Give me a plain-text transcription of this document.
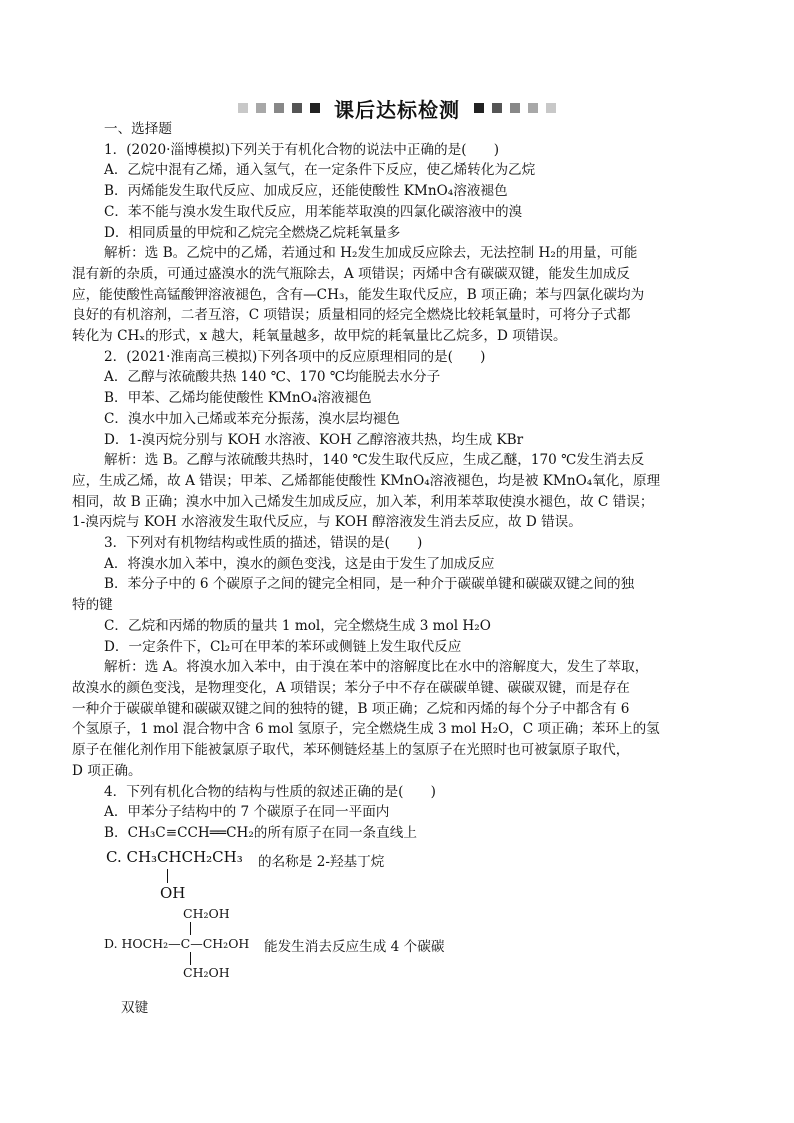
课后达标检测

一、选择题

1．(2020·淄博模拟)下列关于有机化合物的说法中正确的是(　　)

A．乙烷中混有乙烯，通入氢气，在一定条件下反应，使乙烯转化为乙烷

B．丙烯能发生取代反应、加成反应，还能使酸性 KMnO₄溶液褪色

C．苯不能与溴水发生取代反应，用苯能萃取溴的四氯化碳溶液中的溴

D．相同质量的甲烷和乙烷完全燃烧乙烷耗氧量多

解析：选 B。乙烷中的乙烯，若通过和 H₂发生加成反应除去，无法控制 H₂的用量，可能

混有新的杂质，可通过盛溴水的洗气瓶除去，A 项错误；丙烯中含有碳碳双键，能发生加成反

应，能使酸性高锰酸钾溶液褪色，含有—CH₃，能发生取代反应，B 项正确；苯与四氯化碳均为

良好的有机溶剂，二者互溶，C 项错误；质量相同的烃完全燃烧比较耗氧量时，可将分子式都

转化为 CHₓ的形式，x 越大，耗氧量越多，故甲烷的耗氧量比乙烷多，D 项错误。

2．(2021·淮南高三模拟)下列各项中的反应原理相同的是(　　)

A．乙醇与浓硫酸共热 140 ℃、170 ℃均能脱去水分子

B．甲苯、乙烯均能使酸性 KMnO₄溶液褪色

C．溴水中加入己烯或苯充分振荡，溴水层均褪色

D．1-溴丙烷分别与 KOH 水溶液、KOH 乙醇溶液共热，均生成 KBr

解析：选 B。乙醇与浓硫酸共热时，140 ℃发生取代反应，生成乙醚，170 ℃发生消去反

应，生成乙烯，故 A 错误；甲苯、乙烯都能使酸性 KMnO₄溶液褪色，均是被 KMnO₄氧化，原理

相同，故 B 正确；溴水中加入己烯发生加成反应，加入苯，利用苯萃取使溴水褪色，故 C 错误；

1-溴丙烷与 KOH 水溶液发生取代反应，与 KOH 醇溶液发生消去反应，故 D 错误。

3．下列对有机物结构或性质的描述，错误的是(　　)

A．将溴水加入苯中，溴水的颜色变浅，这是由于发生了加成反应

B．苯分子中的 6 个碳原子之间的键完全相同，是一种介于碳碳单键和碳碳双键之间的独

特的键

C．乙烷和丙烯的物质的量共 1 mol，完全燃烧生成 3 mol H₂O

D．一定条件下，Cl₂可在甲苯的苯环或侧链上发生取代反应

解析：选 A。将溴水加入苯中，由于溴在苯中的溶解度比在水中的溶解度大，发生了萃取，

故溴水的颜色变浅，是物理变化，A 项错误；苯分子中不存在碳碳单键、碳碳双键，而是存在

一种介于碳碳单键和碳碳双键之间的独特的键，B 项正确；乙烷和丙烯的每个分子中都含有 6

个氢原子，1 mol 混合物中含 6 mol 氢原子，完全燃烧生成 3 mol H₂O，C 项正确；苯环上的氢

原子在催化剂作用下能被氯原子取代，苯环侧链烃基上的氢原子在光照时也可被氯原子取代，

D 项正确。

4．下列有机化合物的结构与性质的叙述正确的是(　　)

A．甲苯分子结构中的 7 个碳原子在同一平面内

B．CH₃C≡CCH══CH₂的所有原子在同一条直线上

C. CH₃CHCH₂CH₃ 的名称是 2-羟基丁烷
OH
CH₂OH
D. HOCH₂—C—CH₂OH 能发生消去反应生成 4 个碳碳
CH₂OH
双键
